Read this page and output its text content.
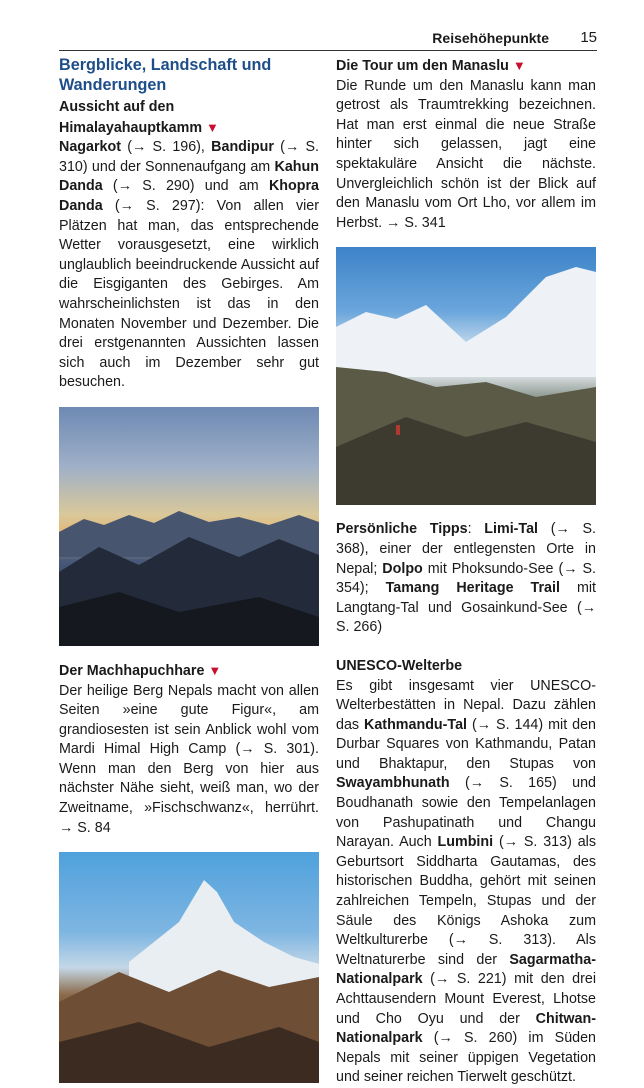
Reisehöhepunkte 15
Bergblicke, Landschaft und Wanderungen
Aussicht auf den Himalayahauptkamm ▼

Nagarkot (→ S. 196), Bandipur (→ S. 310) und der Sonnenaufgang am Kahun Danda (→ S. 290) und am Khopra Danda (→ S. 297): Von allen vier Plätzen hat man, das entsprechende Wetter vorausgesetzt, eine wirklich unglaublich beeindruckende Aussicht auf die Eisgiganten des Gebirges. Am wahrscheinlichsten ist das in den Monaten November und Dezember. Die drei erstgenannten Aussichten lassen sich auch im Dezember sehr gut besuchen.

Der Machhapuchhare ▼

Der heilige Berg Nepals macht von allen Seiten »eine gute Figur«, am grandiosesten ist sein Anblick wohl vom Mardi Himal High Camp (→ S. 301). Wenn man den Berg von hier aus nächster Nähe sieht, weiß man, wo der Zweitname, »Fischschwanz«, herrührt. → S. 84

Die Tour um den Manaslu ▼

Die Runde um den Manaslu kann man getrost als Traumtrekking bezeichnen. Hat man erst einmal die neue Straße hinter sich gelassen, jagt eine spektakuläre Ansicht die nächste. Unvergleichlich schön ist der Blick auf den Manaslu vom Ort Lho, vor allem im Herbst. → S. 341

Persönliche Tipps: Limi-Tal (→ S. 368), einer der entlegensten Orte in Nepal; Dolpo mit Phoksundo-See (→ S. 354); Tamang Heritage Trail mit Langtang-Tal und Gosainkund-See (→ S. 266)

UNESCO-Welterbe

Es gibt insgesamt vier UNESCO-Welterbestätten in Nepal. Dazu zählen das Kathmandu-Tal (→ S. 144) mit den Durbar Squares von Kathmandu, Patan und Bhaktapur, den Stupas von Swayambhunath (→ S. 165) und Boudhanath sowie den Tempelanlagen von Pashupatinath und Changu Narayan. Auch Lumbini (→ S. 313) als Geburtsort Siddharta Gautamas, des historischen Buddha, gehört mit seinen zahlreichen Tempeln, Stupas und der Säule des Königs Ashoka zum Weltkulturerbe (→ S. 313). Als Weltnaturerbe sind der Sagarmatha-Nationalpark (→ S. 221) mit den drei Achttausendern Mount Everest, Lhotse und Cho Oyu und der Chitwan-Nationalpark (→ S. 260) im Süden Nepals mit seiner üppigen Vegetation und seiner reichen Tierwelt geschützt.
